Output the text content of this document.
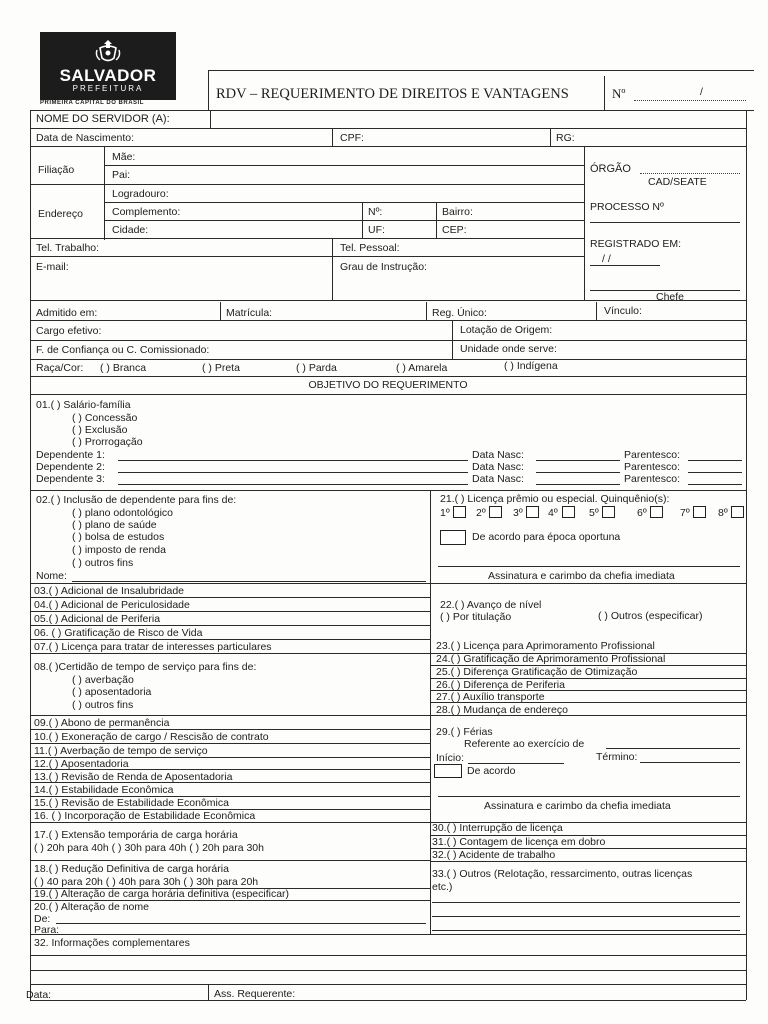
SALVADOR
PREFEITURA
PRIMEIRA CAPITAL DO BRASIL
RDV – REQUERIMENTO DE DIREITOS E VANTAGENS	Nº	/
NOME DO SERVIDOR (A):
Data de Nascimento:	CPF:	RG:
Filiação
Mãe:
Pai:
Endereço
Logradouro:
Complemento:	Nº:	Bairro:
Cidade:	UF:	CEP:
Tel. Trabalho:	Tel. Pessoal:
E-mail:	Grau de Instrução:
ÓRGÃO
CAD/SEATE
PROCESSO Nº
REGISTRADO EM:
/ /
Chefe
Admitido em:	Matrícula:	Reg. Único:	Vínculo:
Cargo efetivo:	Lotação de Origem:
F. de Confiança ou C. Comissionado:	Unidade onde serve:
Raça/Cor: ( ) Branca	( ) Preta	( ) Parda	( ) Amarela	( ) Indígena
OBJETIVO DO REQUERIMENTO
01.( ) Salário-família
( ) Concessão
( ) Exclusão
( ) Prorrogação
Dependente 1:	Data Nasc:	Parentesco:
Dependente 2:	Data Nasc:	Parentesco:
Dependente 3:	Data Nasc:	Parentesco:
02.( ) Inclusão de dependente para fins de:
( ) plano odontológico
( ) plano de saúde
( ) bolsa de estudos
( ) imposto de renda
( ) outros fins
Nome:
21.( ) Licença prêmio ou especial. Quinquênio(s):
1º	2º	3º 4º	5º	6º	7º	8º
De acordo para época oportuna
Assinatura e carimbo da chefia imediata
03.( ) Adicional de Insalubridade
04.( ) Adicional de Periculosidade
05.( ) Adicional de Periferia
06. ( ) Gratificação de Risco de Vida
07.( ) Licença para tratar de interesses particulares
22.( ) Avanço de nível
( ) Por titulação	( ) Outros (especificar)
08.( )Certidão de tempo de serviço para fins de:
( ) averbação
( ) aposentadoria
( ) outros fins
23.( ) Licença para Aprimoramento Profissional
24.( ) Gratificação de Aprimoramento Profissional
25.( ) Diferença Gratificação de Otimização
26.( ) Diferença de Periferia
27.( ) Auxílio transporte
28.( ) Mudança de endereço
09.( ) Abono de permanência
10.( ) Exoneração de cargo / Rescisão de contrato
11.( ) Averbação de tempo de serviço
12.( ) Aposentadoria
13.( ) Revisão de Renda de Aposentadoria
14.( ) Estabilidade Econômica
15.( ) Revisão de Estabilidade Econômica
16. ( ) Incorporação de Estabilidade Econômica
29.( ) Férias
Referente ao exercício de
Início:	Término:
De acordo
Assinatura e carimbo da chefia imediata
17.( ) Extensão temporária de carga horária
( ) 20h para 40h ( ) 30h para 40h ( ) 20h para 30h
30.( ) Interrupção de licença
31.( ) Contagem de licença em dobro
32.( ) Acidente de trabalho
18.( ) Redução Definitiva de carga horária
( ) 40 para 20h ( ) 40h para 30h ( ) 30h para 20h
33.( ) Outros (Relotação, ressarcimento, outras licenças
etc.)
19.( ) Alteração de carga horária definitiva (especificar)
20.( ) Alteração de nome
De:
Para:
32. Informações complementares
Data:	Ass. Requerente:
